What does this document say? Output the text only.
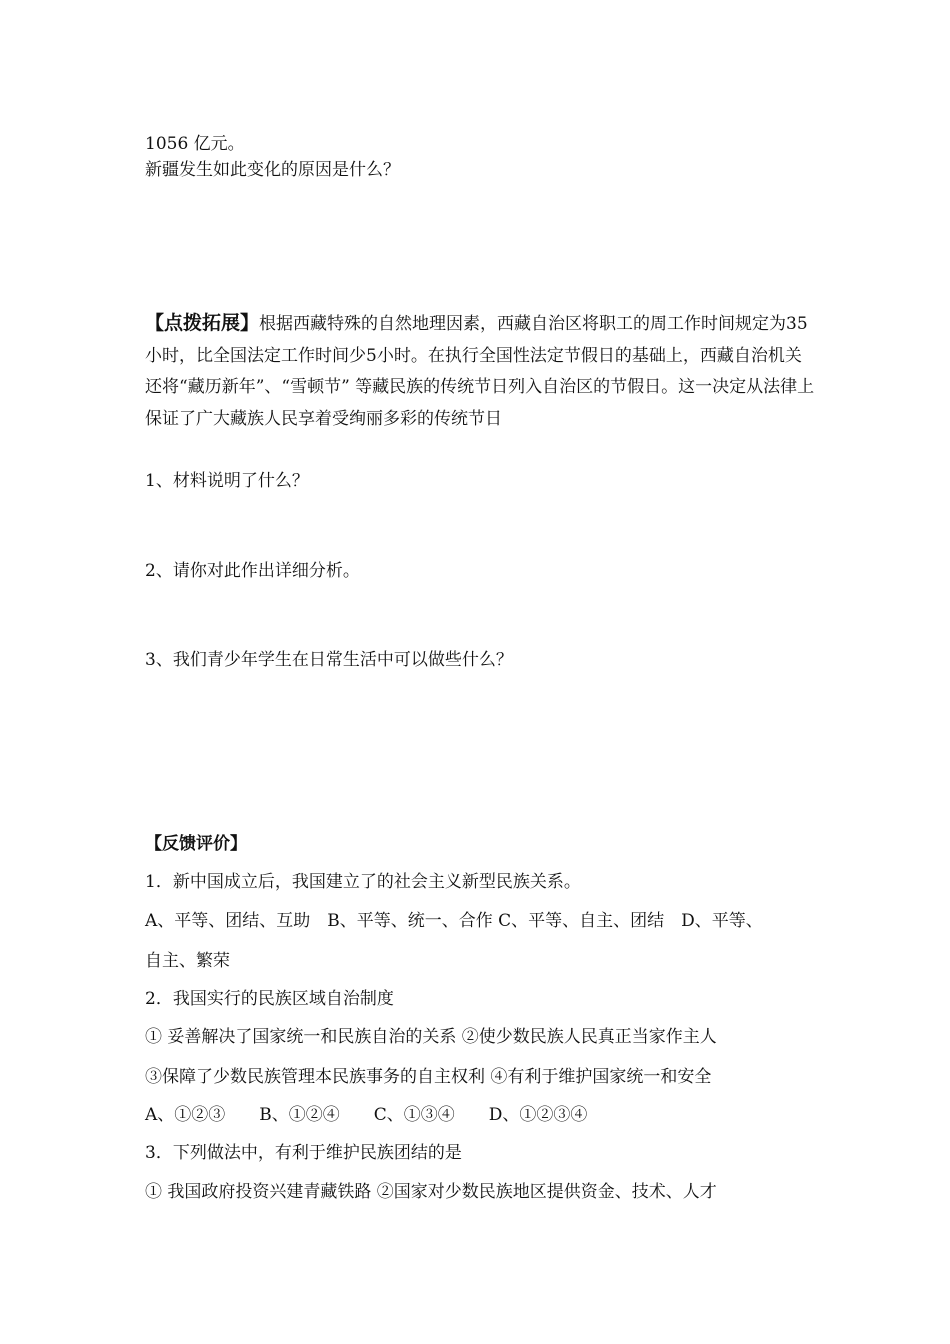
1056 亿元。
新疆发生如此变化的原因是什么？
【点拨拓展】根据西藏特殊的自然地理因素，西藏自治区将职工的周工作时间规定为35小时，比全国法定工作时间少5小时。在执行全国性法定节假日的基础上，西藏自治机关还将“藏历新年”、“雪顿节” 等藏民族的传统节日列入自治区的节假日。这一决定从法律上保证了广大藏族人民享着受绚丽多彩的传统节日
1、材料说明了什么？
2、请你对此作出详细分析。
3、我们青少年学生在日常生活中可以做些什么？
【反馈评价】
1．新中国成立后，我国建立了的社会主义新型民族关系。
A、平等、团结、互助　B、平等、统一、合作 C、平等、自主、团结　D、平等、
自主、繁荣
2．我国实行的民族区域自治制度
① 妥善解决了国家统一和民族自治的关系 ②使少数民族人民真正当家作主人
③保障了少数民族管理本民族事务的自主权利 ④有利于维护国家统一和安全
A、①②③　　B、①②④　　C、①③④　　D、①②③④
3．下列做法中，有利于维护民族团结的是
① 我国政府投资兴建青藏铁路 ②国家对少数民族地区提供资金、技术、人才
